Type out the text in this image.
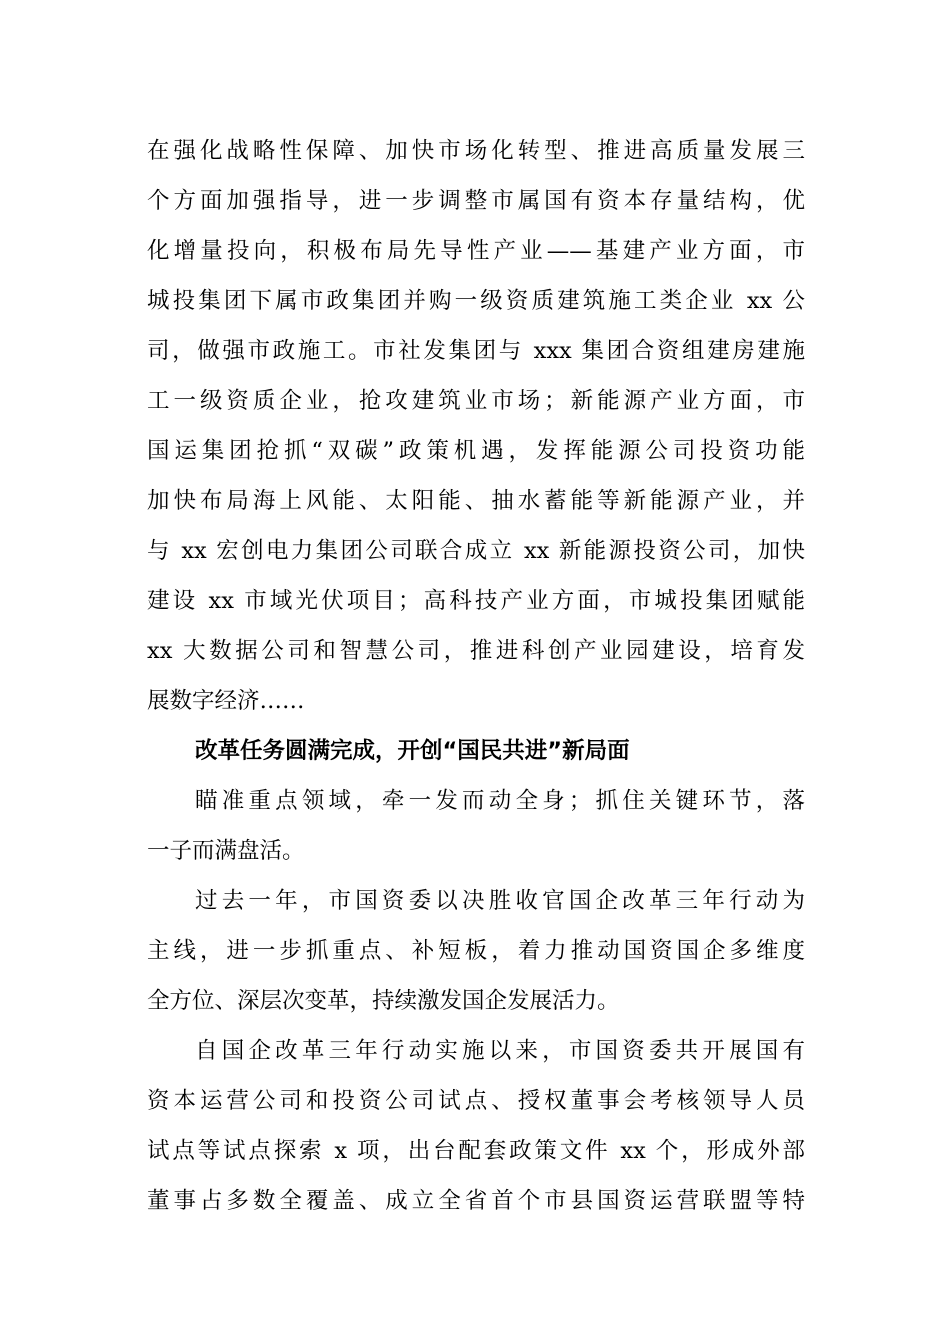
在强化战略性保障、加快市场化转型、推进高质量发展三
个方面加强指导，进一步调整市属国有资本存量结构，优
化增量投向，积极布局先导性产业——基建产业方面，市
城投集团下属市政集团并购一级资质建筑施工类企业 xx 公
司，做强市政施工。市社发集团与 xxx 集团合资组建房建施
工一级资质企业，抢攻建筑业市场；新能源产业方面，市
国运集团抢抓“双碳”政策机遇，发挥能源公司投资功能
加快布局海上风能、太阳能、抽水蓄能等新能源产业，并
与 xx 宏创电力集团公司联合成立 xx 新能源投资公司，加快
建设 xx 市域光伏项目；高科技产业方面，市城投集团赋能
xx 大数据公司和智慧公司，推进科创产业园建设，培育发
展数字经济……
改革任务圆满完成，开创“国民共进”新局面
瞄准重点领域，牵一发而动全身；抓住关键环节，落
一子而满盘活。
过去一年，市国资委以决胜收官国企改革三年行动为
主线，进一步抓重点、补短板，着力推动国资国企多维度
全方位、深层次变革，持续激发国企发展活力。
自国企改革三年行动实施以来，市国资委共开展国有
资本运营公司和投资公司试点、授权董事会考核领导人员
试点等试点探索 x 项，出台配套政策文件 xx 个，形成外部
董事占多数全覆盖、成立全省首个市县国资运营联盟等特
